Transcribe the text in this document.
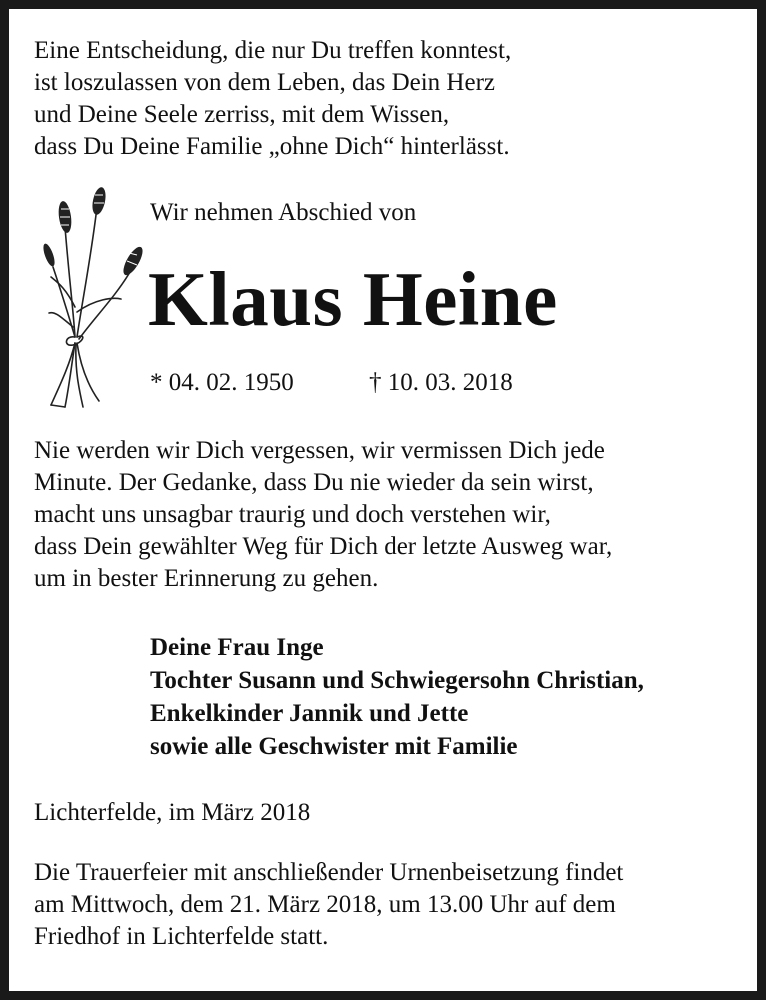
Eine Entscheidung, die nur Du treffen konntest,
ist loszulassen von dem Leben, das Dein Herz
und Deine Seele zerriss, mit dem Wissen,
dass Du Deine Familie „ohne Dich“ hinterlässt.
Wir nehmen Abschied von
Klaus Heine
* 04. 02. 1950	† 10. 03. 2018
Nie werden wir Dich vergessen, wir vermissen Dich jede
Minute. Der Gedanke, dass Du nie wieder da sein wirst,
macht uns unsagbar traurig und doch verstehen wir,
dass Dein gewählter Weg für Dich der letzte Ausweg war,
um in bester Erinnerung zu gehen.
Deine Frau Inge
Tochter Susann und Schwiegersohn Christian,
Enkelkinder Jannik und Jette
sowie alle Geschwister mit Familie
Lichterfelde, im März 2018
Die Trauerfeier mit anschließender Urnenbeisetzung findet
am Mittwoch, dem 21. März 2018, um 13.00 Uhr auf dem
Friedhof in Lichterfelde statt.
